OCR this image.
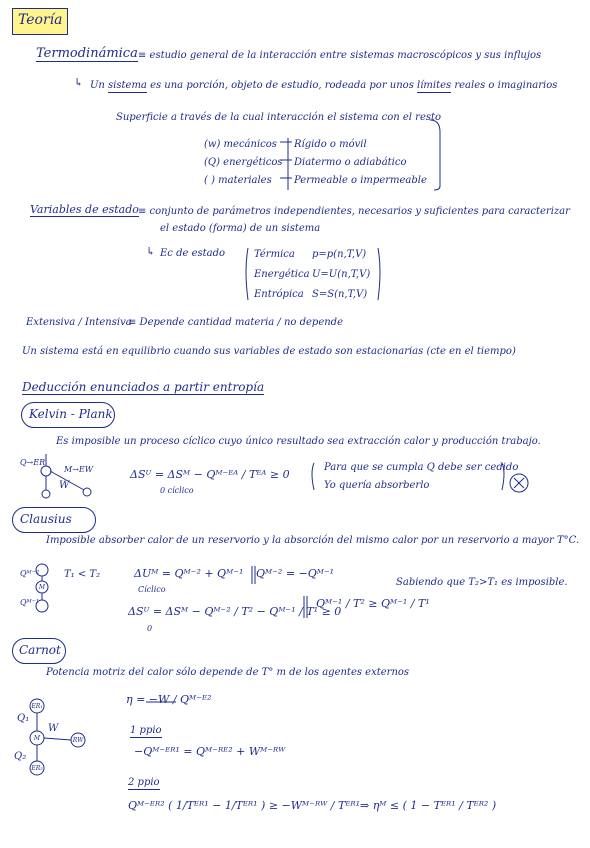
Teoría
Termodinámica ≡ estudio general de la interacción entre sistemas macroscópicos y sus influjos
↳ Un sistema es una porción, objeto de estudio, rodeada por unos límites reales o imaginarios
Superficie a través de la cual interacción el sistema con el resto
(w) mecánicos Rígido o móvil
(Q) energéticos Diatermo o adiabático
( ) materiales Permeable o impermeable
Variables de estado ≡ conjunto de parámetros independientes, necesarios y suficientes para caracterizar
el estado (forma) de un sistema
↳ Ec de estado	Térmica p=p(n,T,V)
Energética U=U(n,T,V)
Entrópica S=S(n,T,V)
Extensiva / Intensiva
≡ Depende cantidad materia / no depende
Un sistema está en equilibrio cuando sus variables de estado son estacionarias (cte en el tiempo)
Deducción enunciados a partir entropía
Kelvin - Plank
Es imposible un proceso cíclico cuyo único resultado sea extracción calor y producción trabajo.
Q→ER
M→EW
W
ΔSᵁ = ΔSᴹ − Qᴹ⁻ᴱᴬ / Tᴱᴬ ≥ 0
0 cíclico
Para que se cumpla Q debe ser cedido
Yo quería absorberlo
Clausius
Imposible absorber calor de un reservorio y la absorción del mismo calor por un reservorio a mayor T°C.
Qᴹ⁻²
Qᴹ⁻¹
T₁ < T₂	ΔUᴹ = Qᴹ⁻² + Qᴹ⁻¹ Qᴹ⁻² = −Qᴹ⁻¹
Cíclico
ΔSᵁ = ΔSᴹ − Qᴹ⁻² / T² − Qᴹ⁻¹ / T¹ ≥ 0
0
Qᴹ⁻¹ / T² ≥ Qᴹ⁻¹ / T¹
Sabiendo que T₂>T₁ es imposible.
Carnot
Potencia motriz del calor sólo depende de T° m de los agentes externos
η = −W / Qᴹ⁻ᴱ²
1 ppio
−Qᴹ⁻ᴱᴿ¹ = Qᴹ⁻ᴿᴱ² + Wᴹ⁻ᴿᵂ
2 ppio
Qᴹ⁻ᴱᴿ² ( 1/Tᴱᴿ¹ − 1/Tᴱᴿ¹ ) ≥ −Wᴹ⁻ᴿᵂ / Tᴱᴿ¹ ⇒ ηᴹ ≤ ( 1 − Tᴱᴿ¹ / Tᴱᴿ² )
Q₁
Q₂
W
M
M
ER₁
ER₂
RW
